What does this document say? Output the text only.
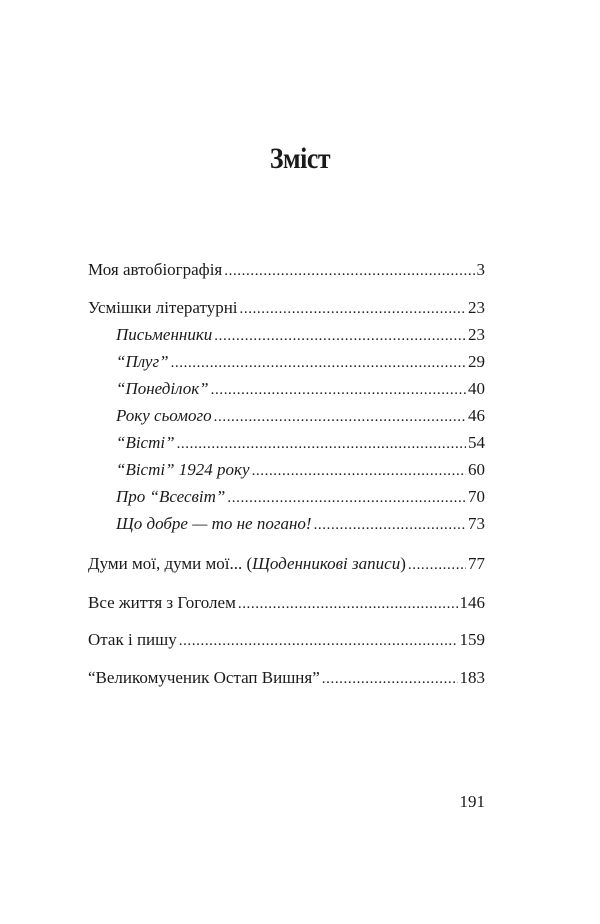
Зміст
Моя автобіографія .....	3
Усмішки літературні .....	23
Письменники .....	23
“Плуг” .....	29
“Понеділок” .....	40
Року сьомого .....	46
“Вісті” .....	54
“Вісті” 1924 року .....	60
Про “Всесвіт” .....	70
Що добре — то не погано! .....	73
Думи мої, думи мої... (Щоденникові записи) .....	77
Все життя з Гоголем .....	146
Отак і пишу .....	159
“Великомученик Остап Вишня” .....	183
191
